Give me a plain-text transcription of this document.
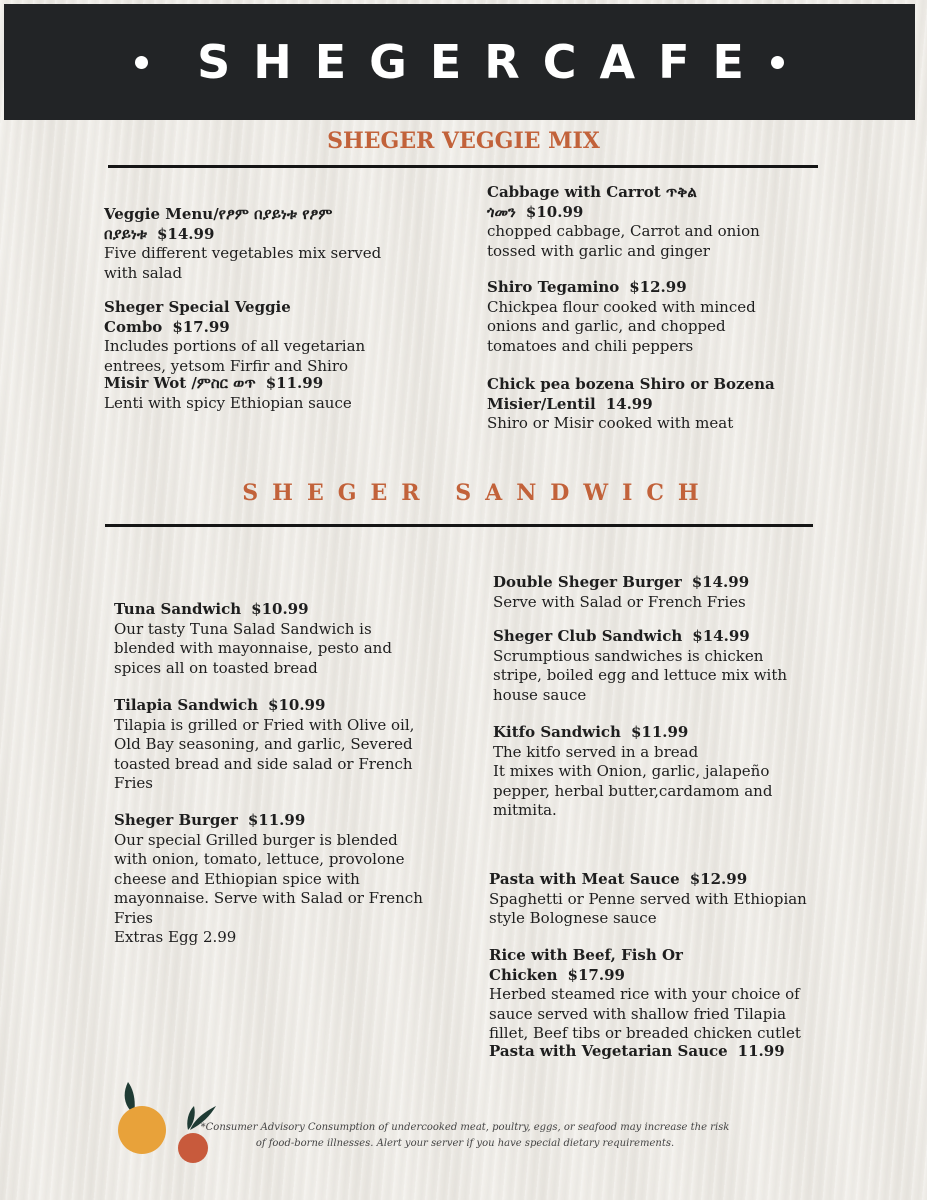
SHEGERCAFE
SHEGER VEGGIE MIX
Veggie Menu/የፆም በያይነቱ የፆም በያይነቱ $14.99
Five different vegetables mix served with salad
Sheger Special Veggie Combo $17.99
Includes portions of all vegetarian entrees, yetsom Firfir and Shiro
Misir Wot /ምስር ወጥ $11.99
Lenti with spicy Ethiopian sauce
Cabbage with Carrot ጥቅል ጎመን $10.99
chopped cabbage, Carrot and onion tossed with garlic and ginger
Shiro Tegamino $12.99
Chickpea flour cooked with minced onions and garlic, and chopped tomatoes and chili peppers
Chick pea bozena Shiro or Bozena Misier/Lentil 14.99
Shiro or Misir cooked with meat
SHEGER SANDWICH
Tuna Sandwich $10.99
Our tasty Tuna Salad Sandwich is blended with mayonnaise, pesto and spices all on toasted bread
Tilapia Sandwich $10.99
Tilapia is grilled or Fried with Olive oil, Old Bay seasoning, and garlic, Severed toasted bread and side salad or French Fries
Sheger Burger $11.99
Our special Grilled burger is blended with onion, tomato, lettuce, provolone cheese and Ethiopian spice with mayonnaise. Serve with Salad or French Fries
Extras Egg 2.99
Double Sheger Burger $14.99
Serve with Salad or French Fries
Sheger Club Sandwich $14.99
Scrumptious sandwiches is chicken stripe, boiled egg and lettuce mix with house sauce
Kitfo Sandwich $11.99
The kitfo served in a bread
It mixes with Onion, garlic, jalapeño pepper, herbal butter,cardamom and mitmita.
Pasta with Meat Sauce $12.99
Spaghetti or Penne served with Ethiopian style Bolognese sauce
Rice with Beef, Fish Or Chicken $17.99
Herbed steamed rice with your choice of sauce served with shallow fried Tilapia fillet, Beef tibs or breaded chicken cutlet
Pasta with Vegetarian Sauce 11.99
*Consumer Advisory Consumption of undercooked meat, poultry, eggs, or seafood may increase the risk of food-borne illnesses. Alert your server if you have special dietary requirements.
